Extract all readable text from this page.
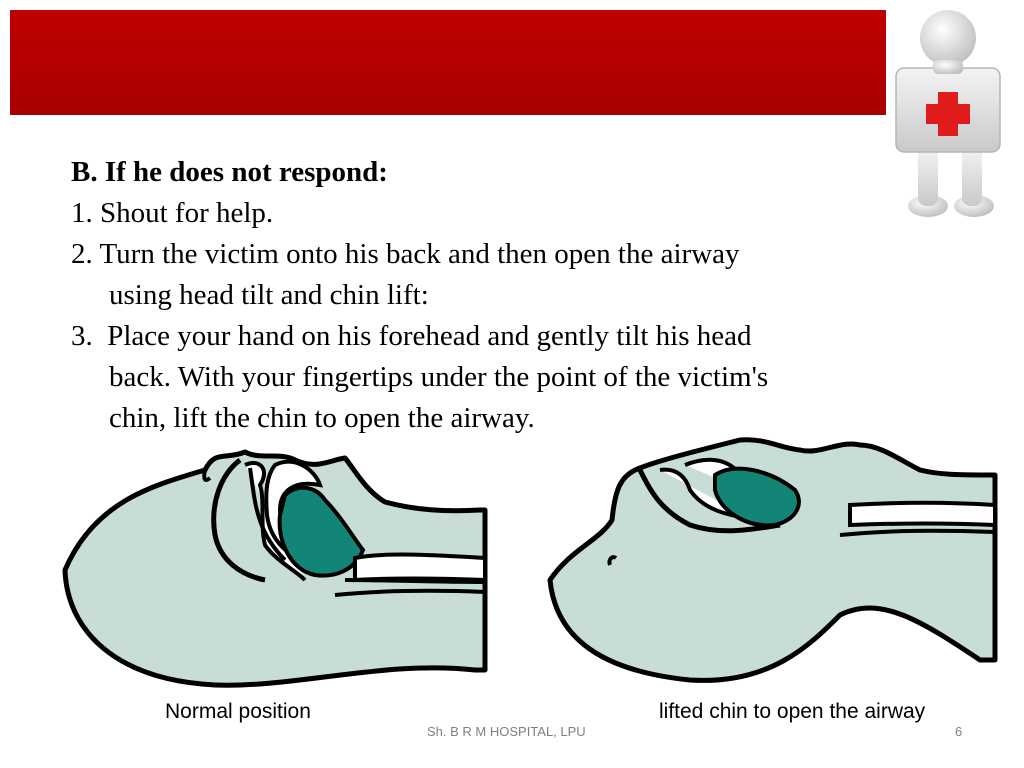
B. If he does not respond:

1. Shout for help.

2. Turn the victim onto his back and then open the airway

using head tilt and chin lift:

3. Place your hand on his forehead and gently tilt his head

back. With your fingertips under the point of the victim's

chin, lift the chin to open the airway.

Normal position	lifted chin to open the airway
Sh. B R M HOSPITAL, LPU	6
